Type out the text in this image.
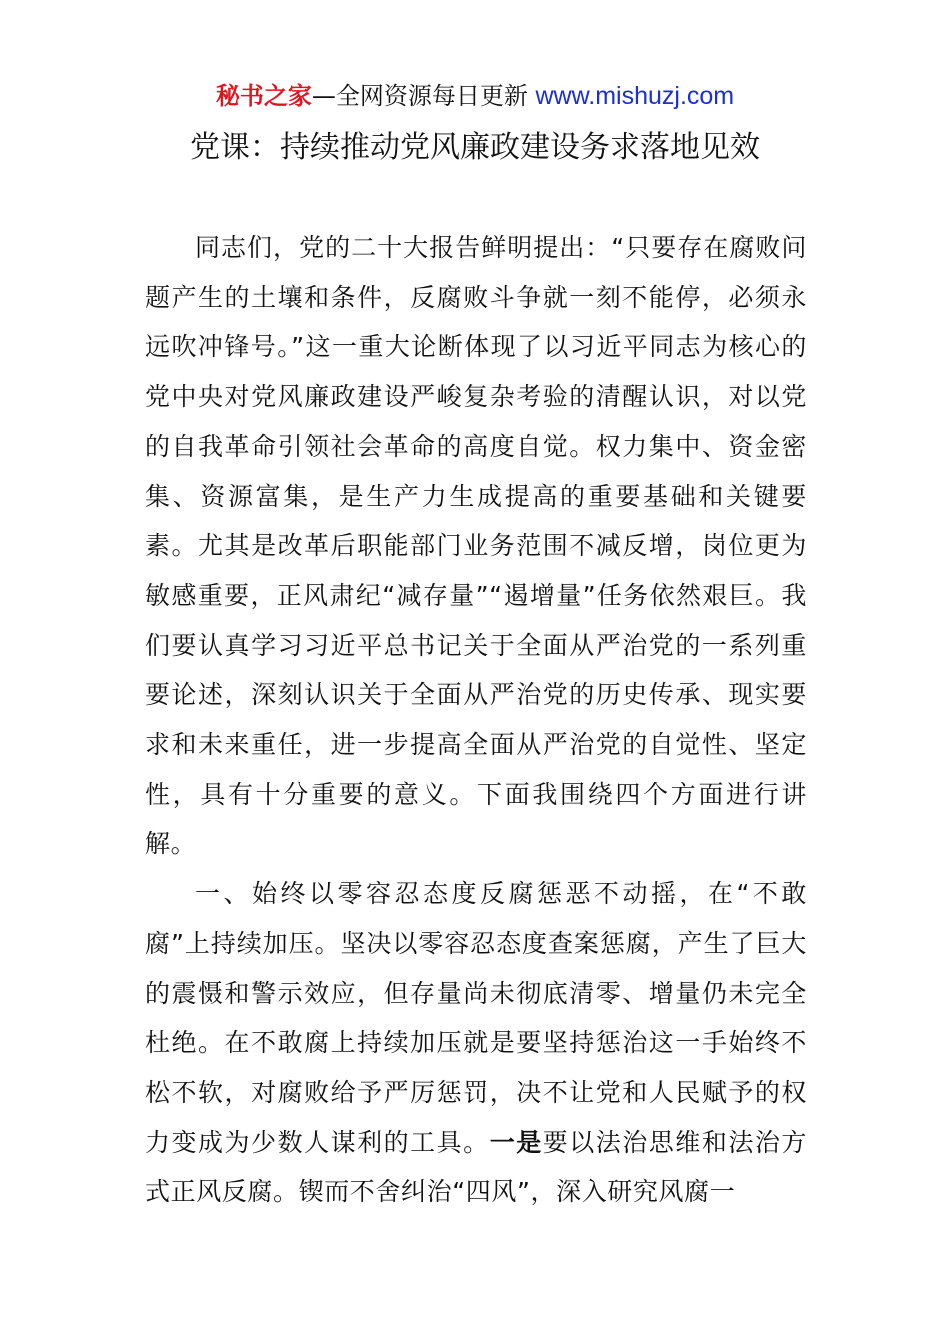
秘书之家—全网资源每日更新 www.mishuzj.com
党课：持续推动党风廉政建设务求落地见效

同志们，党的二十大报告鲜明提出：“只要存在腐败问题产生的土壤和条件，反腐败斗争就一刻不能停，必须永远吹冲锋号。”这一重大论断体现了以习近平同志为核心的党中央对党风廉政建设严峻复杂考验的清醒认识，对以党的自我革命引领社会革命的高度自觉。权力集中、资金密集、资源富集，是生产力生成提高的重要基础和关键要素。尤其是改革后职能部门业务范围不减反增，岗位更为敏感重要，正风肃纪“减存量”“遏增量”任务依然艰巨。我们要认真学习习近平总书记关于全面从严治党的一系列重要论述，深刻认识关于全面从严治党的历史传承、现实要求和未来重任，进一步提高全面从严治党的自觉性、坚定性，具有十分重要的意义。下面我围绕四个方面进行讲解。

一、始终以零容忍态度反腐惩恶不动摇，在“不敢腐”上持续加压。坚决以零容忍态度查案惩腐，产生了巨大的震慑和警示效应，但存量尚未彻底清零、增量仍未完全杜绝。在不敢腐上持续加压就是要坚持惩治这一手始终不松不软，对腐败给予严厉惩罚，决不让党和人民赋予的权力变成为少数人谋利的工具。一是要以法治思维和法治方式正风反腐。锲而不舍纠治“四风”，深入研究风腐一
